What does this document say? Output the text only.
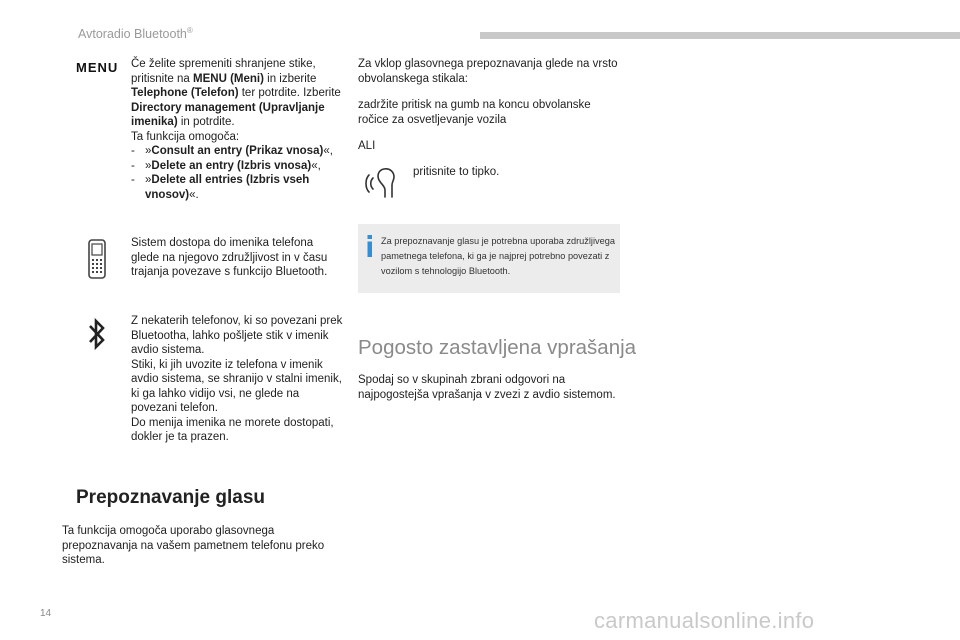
Avtoradio Bluetooth®
MENU Če želite spremeniti shranjene stike, pritisnite na MENU (Meni) in izberite Telephone (Telefon) ter potrdite. Izberite Directory management (Upravljanje imenika) in potrdite.
Ta funkcija omogoča:
- »Consult an entry (Prikaz vnosa)«,
- »Delete an entry (Izbris vnosa)«,
- »Delete all entries (Izbris vseh vnosov)«.
Sistem dostopa do imenika telefona glede na njegovo združljivost in v času trajanja povezave s funkcijo Bluetooth.
Z nekaterih telefonov, ki so povezani prek Bluetootha, lahko pošljete stik v imenik avdio sistema.
Stiki, ki jih uvozite iz telefona v imenik avdio sistema, se shranijo v stalni imenik, ki ga lahko vidijo vsi, ne glede na povezani telefon.
Do menija imenika ne morete dostopati, dokler je ta prazen.
Prepoznavanje glasu
Ta funkcija omogoča uporabo glasovnega prepoznavanja na vašem pametnem telefonu preko sistema.
Za vklop glasovnega prepoznavanja glede na vrsto obvolanskega stikala:
zadržite pritisk na gumb na koncu obvolanske ročice za osvetljevanje vozila
ALI
pritisnite to tipko.
Za prepoznavanje glasu je potrebna uporaba združljivega pametnega telefona, ki ga je najprej potrebno povezati z vozilom s tehnologijo Bluetooth.
Pogosto zastavljena vprašanja
Spodaj so v skupinah zbrani odgovori na najpogostejša vprašanja v zvezi z avdio sistemom.
14	carmanualsonline.info
